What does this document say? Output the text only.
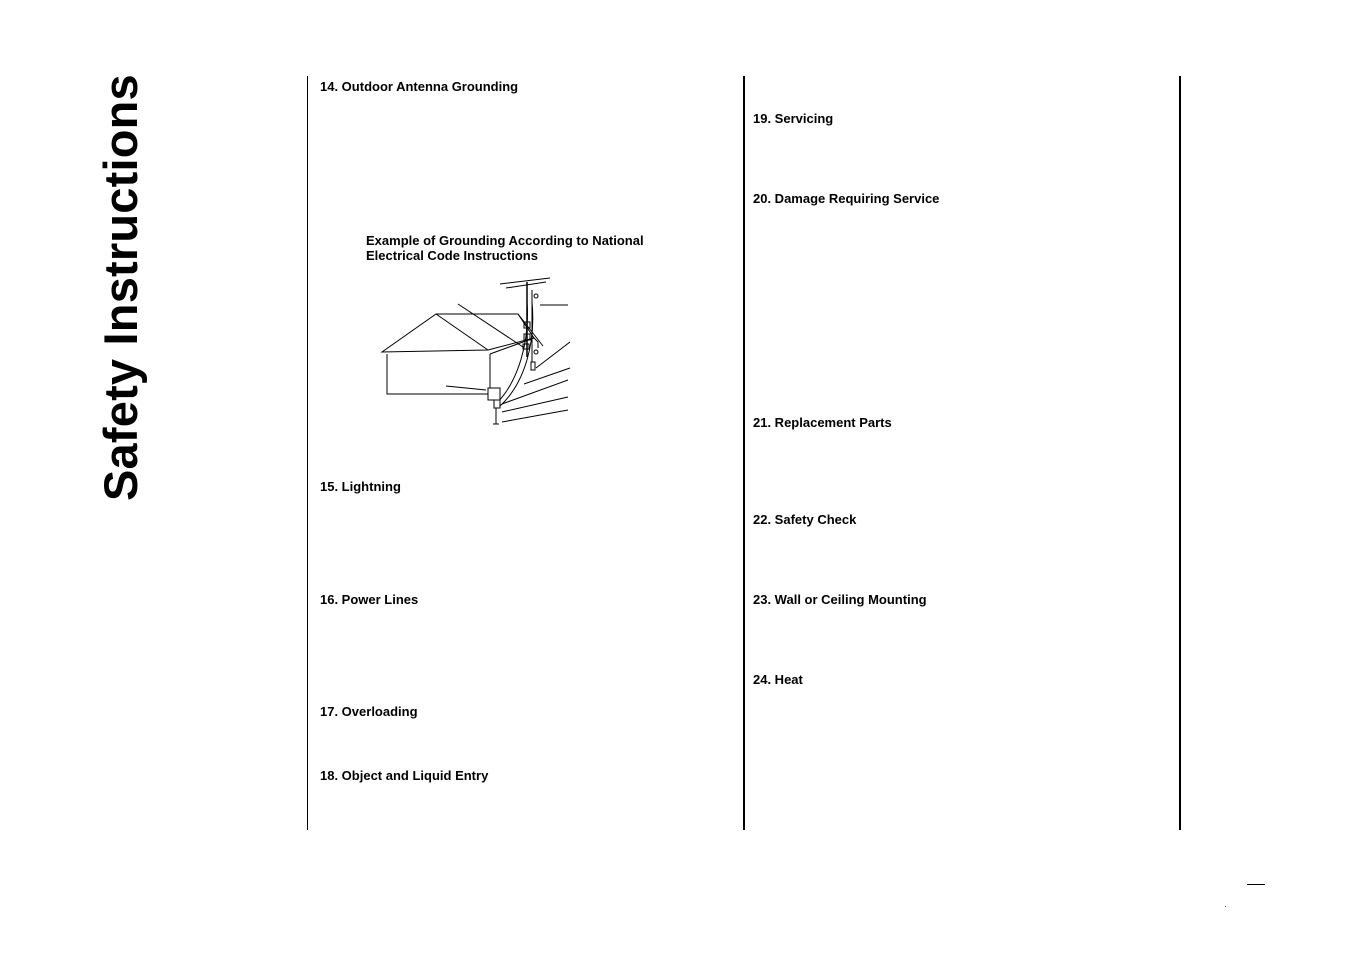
Safety Instructions	14. Outdoor Antenna Grounding
Example of Grounding According to National
Electrical Code Instructions
15. Lightning
16. Power Lines
17. Overloading
18. Object and Liquid Entry
19. Servicing
20. Damage Requiring Service
21. Replacement Parts
22. Safety Check
23. Wall or Ceiling Mounting
24. Heat
